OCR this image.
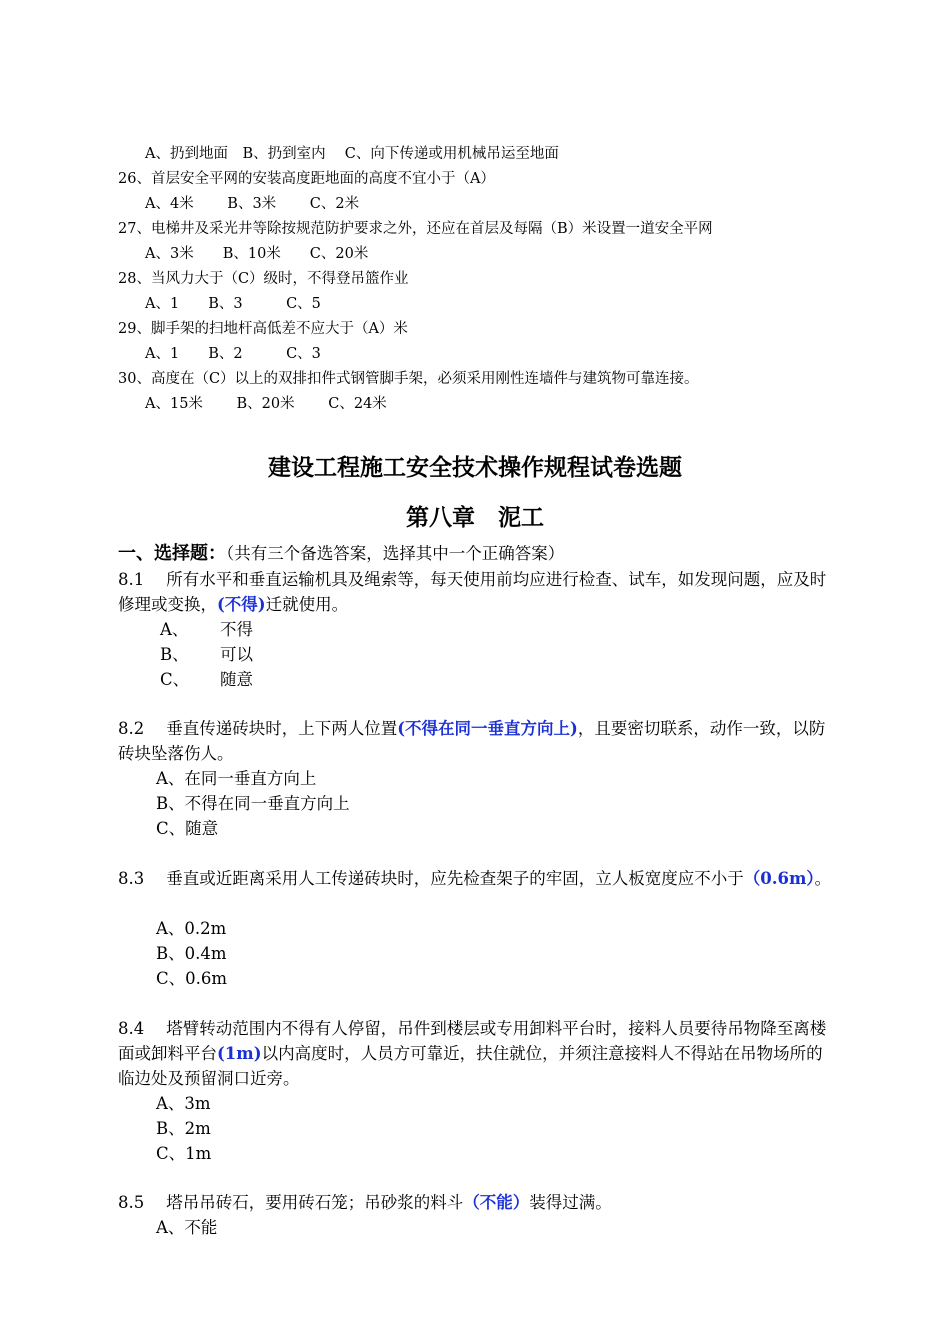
A、扔到地面　B、扔到室内　 C、向下传递或用机械吊运至地面
26、首层安全平网的安装高度距地面的高度不宜小于（A）
A、4米　　 B、3米　　 C、2米
27、电梯井及采光井等除按规范防护要求之外，还应在首层及每隔（B）米设置一道安全平网
A、3米　　B、10米　　C、20米
28、当风力大于（C）级时，不得登吊篮作业
A、1　　B、3　　　C、5
29、脚手架的扫地杆高低差不应大于（A）米
A、1　　B、2　　　C、3
30、高度在（C）以上的双排扣件式钢管脚手架，必须采用刚性连墙件与建筑物可靠连接。
A、15米　　 B、20米　　 C、24米
建设工程施工安全技术操作规程试卷选题
第八章　泥工
一、选择题：（共有三个备选答案，选择其中一个正确答案）
8.1 所有水平和垂直运输机具及绳索等，每天使用前均应进行检查、试车，如发现问题，应及时修理或变换，(不得)迁就使用。
A、 不得
B、 可以
C、 随意
8.2 垂直传递砖块时，上下两人位置(不得在同一垂直方向上)，且要密切联系，动作一致，以防砖块坠落伤人。
A、在同一垂直方向上
B、不得在同一垂直方向上
C、随意
8.3 垂直或近距离采用人工传递砖块时，应先检查架子的牢固，立人板宽度应不小于（0.6m）。
A、0.2m
B、0.4m
C、0.6m
8.4 塔臂转动范围内不得有人停留，吊件到楼层或专用卸料平台时，接料人员要待吊物降至离楼面或卸料平台(1m)以内高度时，人员方可靠近，扶住就位，并须注意接料人不得站在吊物场所的临边处及预留洞口近旁。
A、3m
B、2m
C、1m
8.5 塔吊吊砖石，要用砖石笼；吊砂浆的料斗（不能）装得过满。
A、不能
